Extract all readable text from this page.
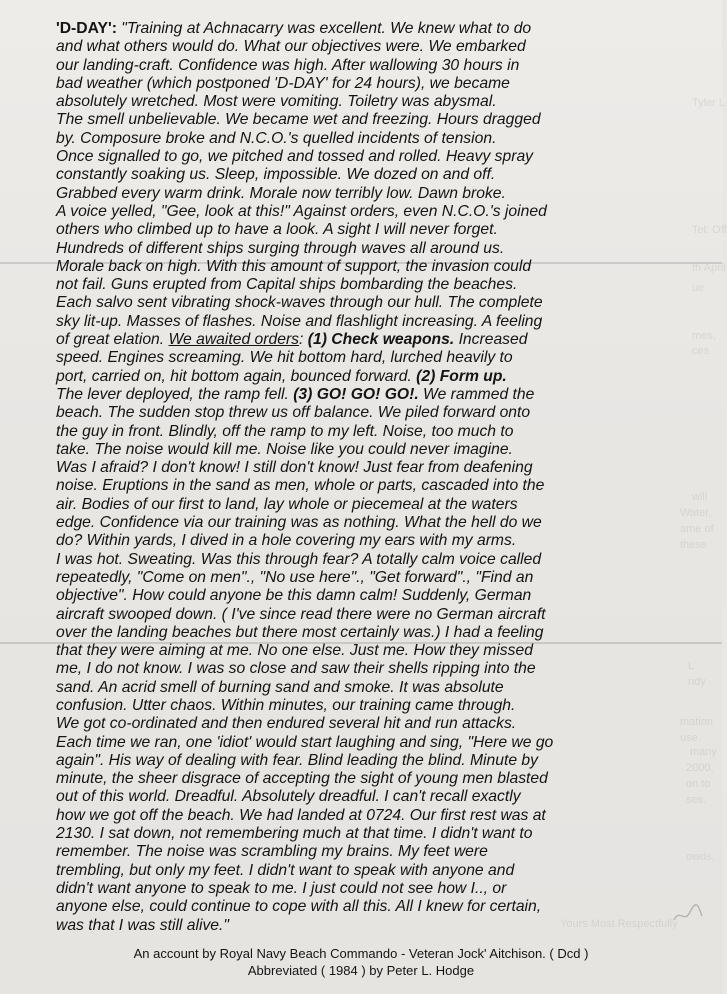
Tyler L
Tel: Off
th April
ue
mes,
ces
will
Water,
ame of
these
L
ndy
mation
use.
many
2000,
on to
ses.
owds,
Yours Most Respectfully
'D-DAY': "Training at Achnacarry was excellent. We knew what to do
and what others would do. What our objectives were. We embarked
our landing-craft. Confidence was high. After wallowing 30 hours in
bad weather (which postponed 'D-DAY' for 24 hours), we became
absolutely wretched. Most were vomiting. Toiletry was abysmal.
The smell unbelievable. We became wet and freezing. Hours dragged
by. Composure broke and N.C.O.'s quelled incidents of tension.
Once signalled to go, we pitched and tossed and rolled. Heavy spray
constantly soaking us. Sleep, impossible. We dozed on and off.
Grabbed every warm drink. Morale now terribly low. Dawn broke.
A voice yelled, "Gee, look at this!" Against orders, even N.C.O.'s joined
others who climbed up to have a look. A sight I will never forget.
Hundreds of different ships surging through waves all around us.
Morale back on high. With this amount of support, the invasion could
not fail. Guns erupted from Capital ships bombarding the beaches.
Each salvo sent vibrating shock-waves through our hull. The complete
sky lit-up. Masses of flashes. Noise and flashlight increasing. A feeling
of great elation. We awaited orders: (1) Check weapons. Increased
speed. Engines screaming. We hit bottom hard, lurched heavily to
port, carried on, hit bottom again, bounced forward. (2) Form up.
The lever deployed, the ramp fell. (3) GO! GO! GO!. We rammed the
beach. The sudden stop threw us off balance. We piled forward onto
the guy in front. Blindly, off the ramp to my left. Noise, too much to
take. The noise would kill me. Noise like you could never imagine.
Was I afraid? I don't know! I still don't know! Just fear from deafening
noise. Eruptions in the sand as men, whole or parts, cascaded into the
air. Bodies of our first to land, lay whole or piecemeal at the waters
edge. Confidence via our training was as nothing. What the hell do we
do? Within yards, I dived in a hole covering my ears with my arms.
I was hot. Sweating. Was this through fear? A totally calm voice called
repeatedly, "Come on men"., "No use here"., "Get forward"., "Find an
objective". How could anyone be this damn calm! Suddenly, German
aircraft swooped down. ( I've since read there were no German aircraft
over the landing beaches but there most certainly was.) I had a feeling
that they were aiming at me. No one else. Just me. How they missed
me, I do not know. I was so close and saw their shells ripping into the
sand. An acrid smell of burning sand and smoke. It was absolute
confusion. Utter chaos. Within minutes, our training came through.
We got co-ordinated and then endured several hit and run attacks.
Each time we ran, one 'idiot' would start laughing and sing, "Here we go
again". His way of dealing with fear. Blind leading the blind. Minute by
minute, the sheer disgrace of accepting the sight of young men blasted
out of this world. Dreadful. Absolutely dreadful. I can't recall exactly
how we got off the beach. We had landed at 0724. Our first rest was at
2130. I sat down, not remembering much at that time. I didn't want to
remember. The noise was scrambling my brains. My feet were
trembling, but only my feet. I didn't want to speak with anyone and
didn't want anyone to speak to me. I just could not see how I.., or
anyone else, could continue to cope with all this. All I knew for certain,
was that I was still alive."
An account by Royal Navy Beach Commando - Veteran Jock' Aitchison. ( Dcd )
Abbreviated ( 1984 ) by Peter L. Hodge
